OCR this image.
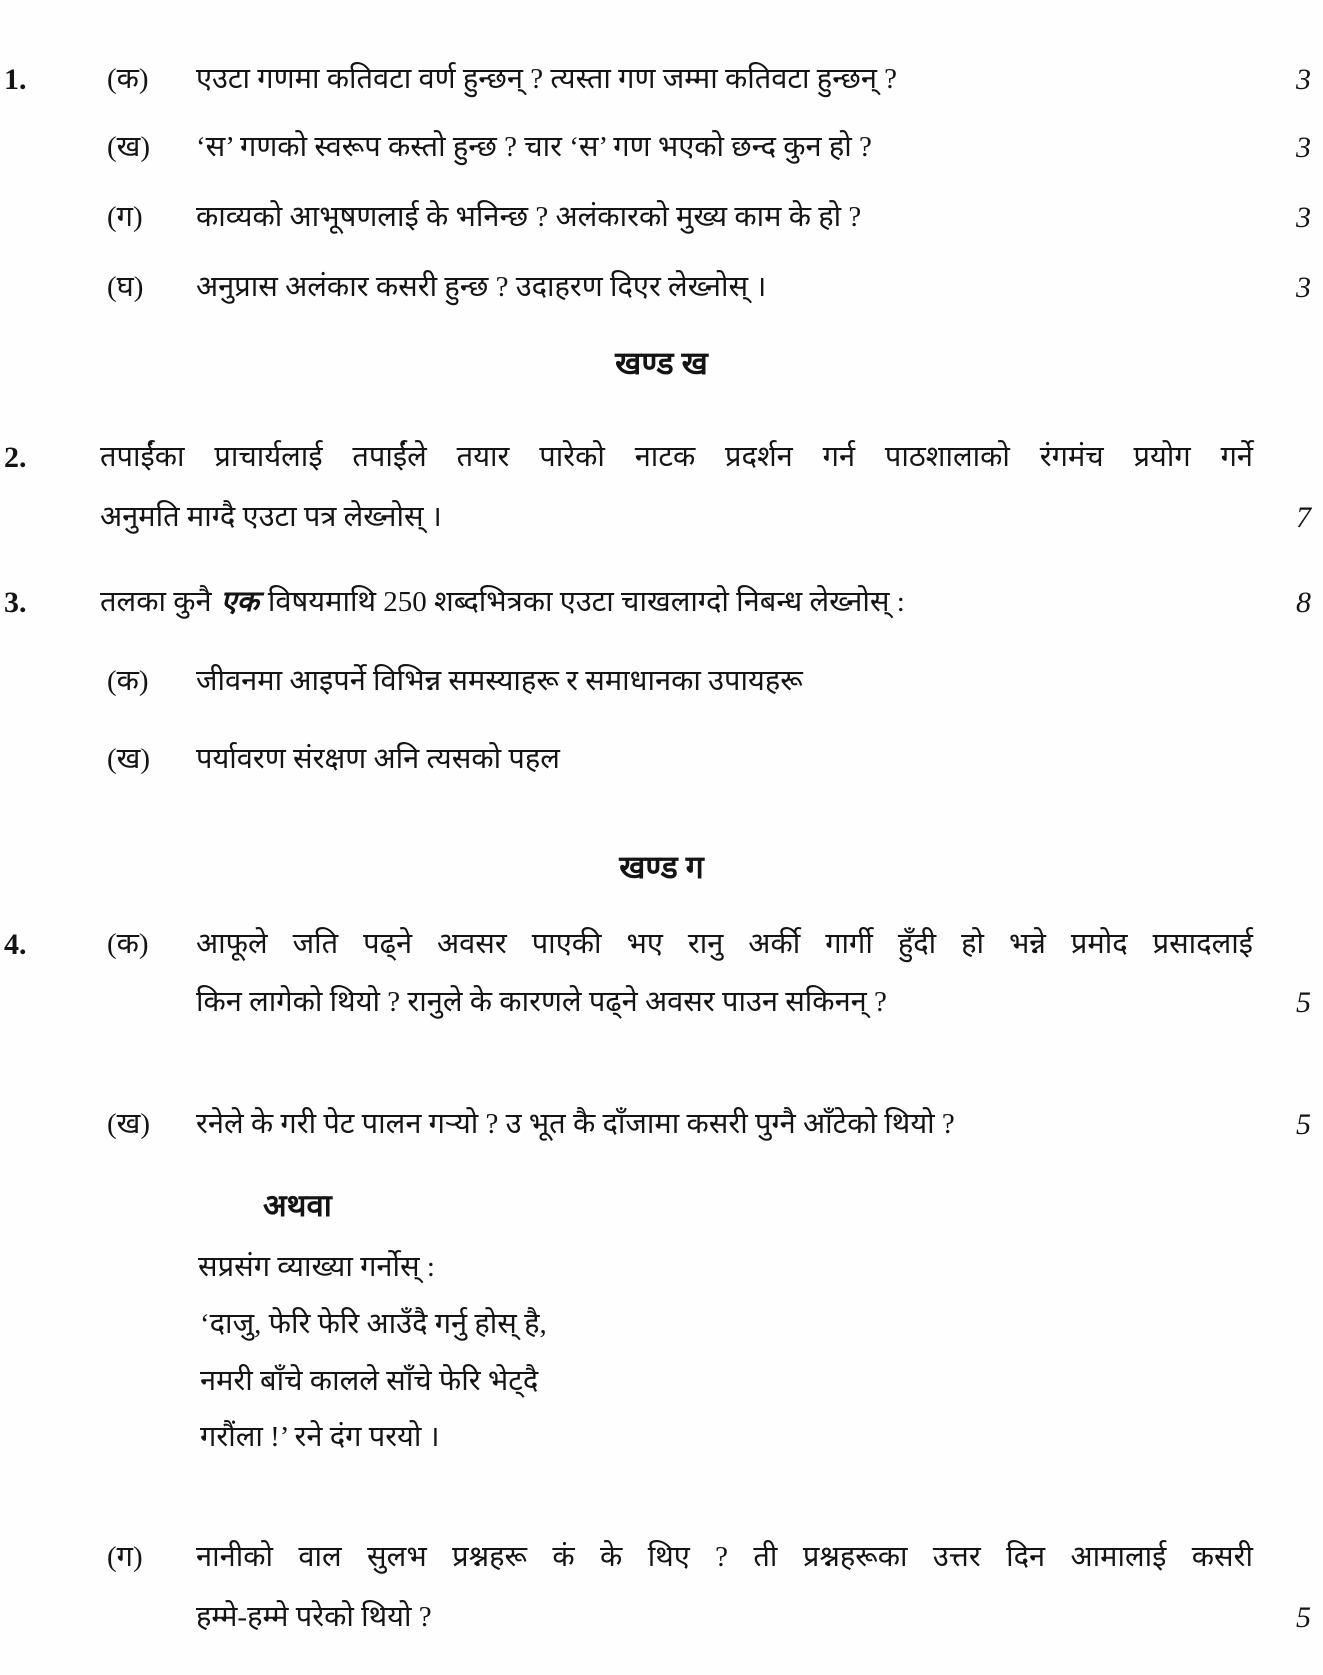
1.	(क) एउटा गणमा कतिवटा वर्ण हुन्छन् ? त्यस्ता गण जम्मा कतिवटा हुन्छन् ?	3
(ख) ‘स’ गणको स्वरूप कस्तो हुन्छ ? चार ‘स’ गण भएको छन्द कुन हो ?	3
(ग) काव्यको आभूषणलाई के भनिन्छ ? अलंकारको मुख्य काम के हो ?	3
(घ) अनुप्रास अलंकार कसरी हुन्छ ? उदाहरण दिएर लेख्नोस् ।	3
खण्ड ख
2.	तपाईंका प्राचार्यलाई तपाईंले तयार पारेको नाटक प्रदर्शन गर्न पाठशालाको रंगमंच प्रयोग गर्ने
अनुमति माग्दै एउटा पत्र लेख्नोस् ।	7
3.	तलका कुनै एक विषयमाथि 250 शब्दभित्रका एउटा चाखलाग्दो निबन्ध लेख्नोस् :	8
(क) जीवनमा आइपर्ने विभिन्न समस्याहरू र समाधानका उपायहरू
(ख) पर्यावरण संरक्षण अनि त्यसको पहल
खण्ड ग
4.	(क) आफूले जति पढ्ने अवसर पाएकी भए रानु अर्की गार्गी हुँदी हो भन्ने प्रमोद प्रसादलाई
किन लागेको थियो ? रानुले के कारणले पढ्ने अवसर पाउन सकिनन् ?	5
(ख) रनेले के गरी पेट पालन गऱ्यो ? उ भूत कै दाँजामा कसरी पुग्नै आँटेको थियो ?	5
अथवा
सप्रसंग व्याख्या गर्नोस् :
‘दाजु, फेरि फेरि आउँदै गर्नु होस् है,
नमरी बाँचे कालले साँचे फेरि भेट्दै
गरौंला !’ रने दंग परयो ।
(ग) नानीको वाल सुलभ प्रश्नहरू कं के थिए ? ती प्रश्नहरूका उत्तर दिन आमालाई कसरी
हम्मे-हम्मे परेको थियो ?	5
